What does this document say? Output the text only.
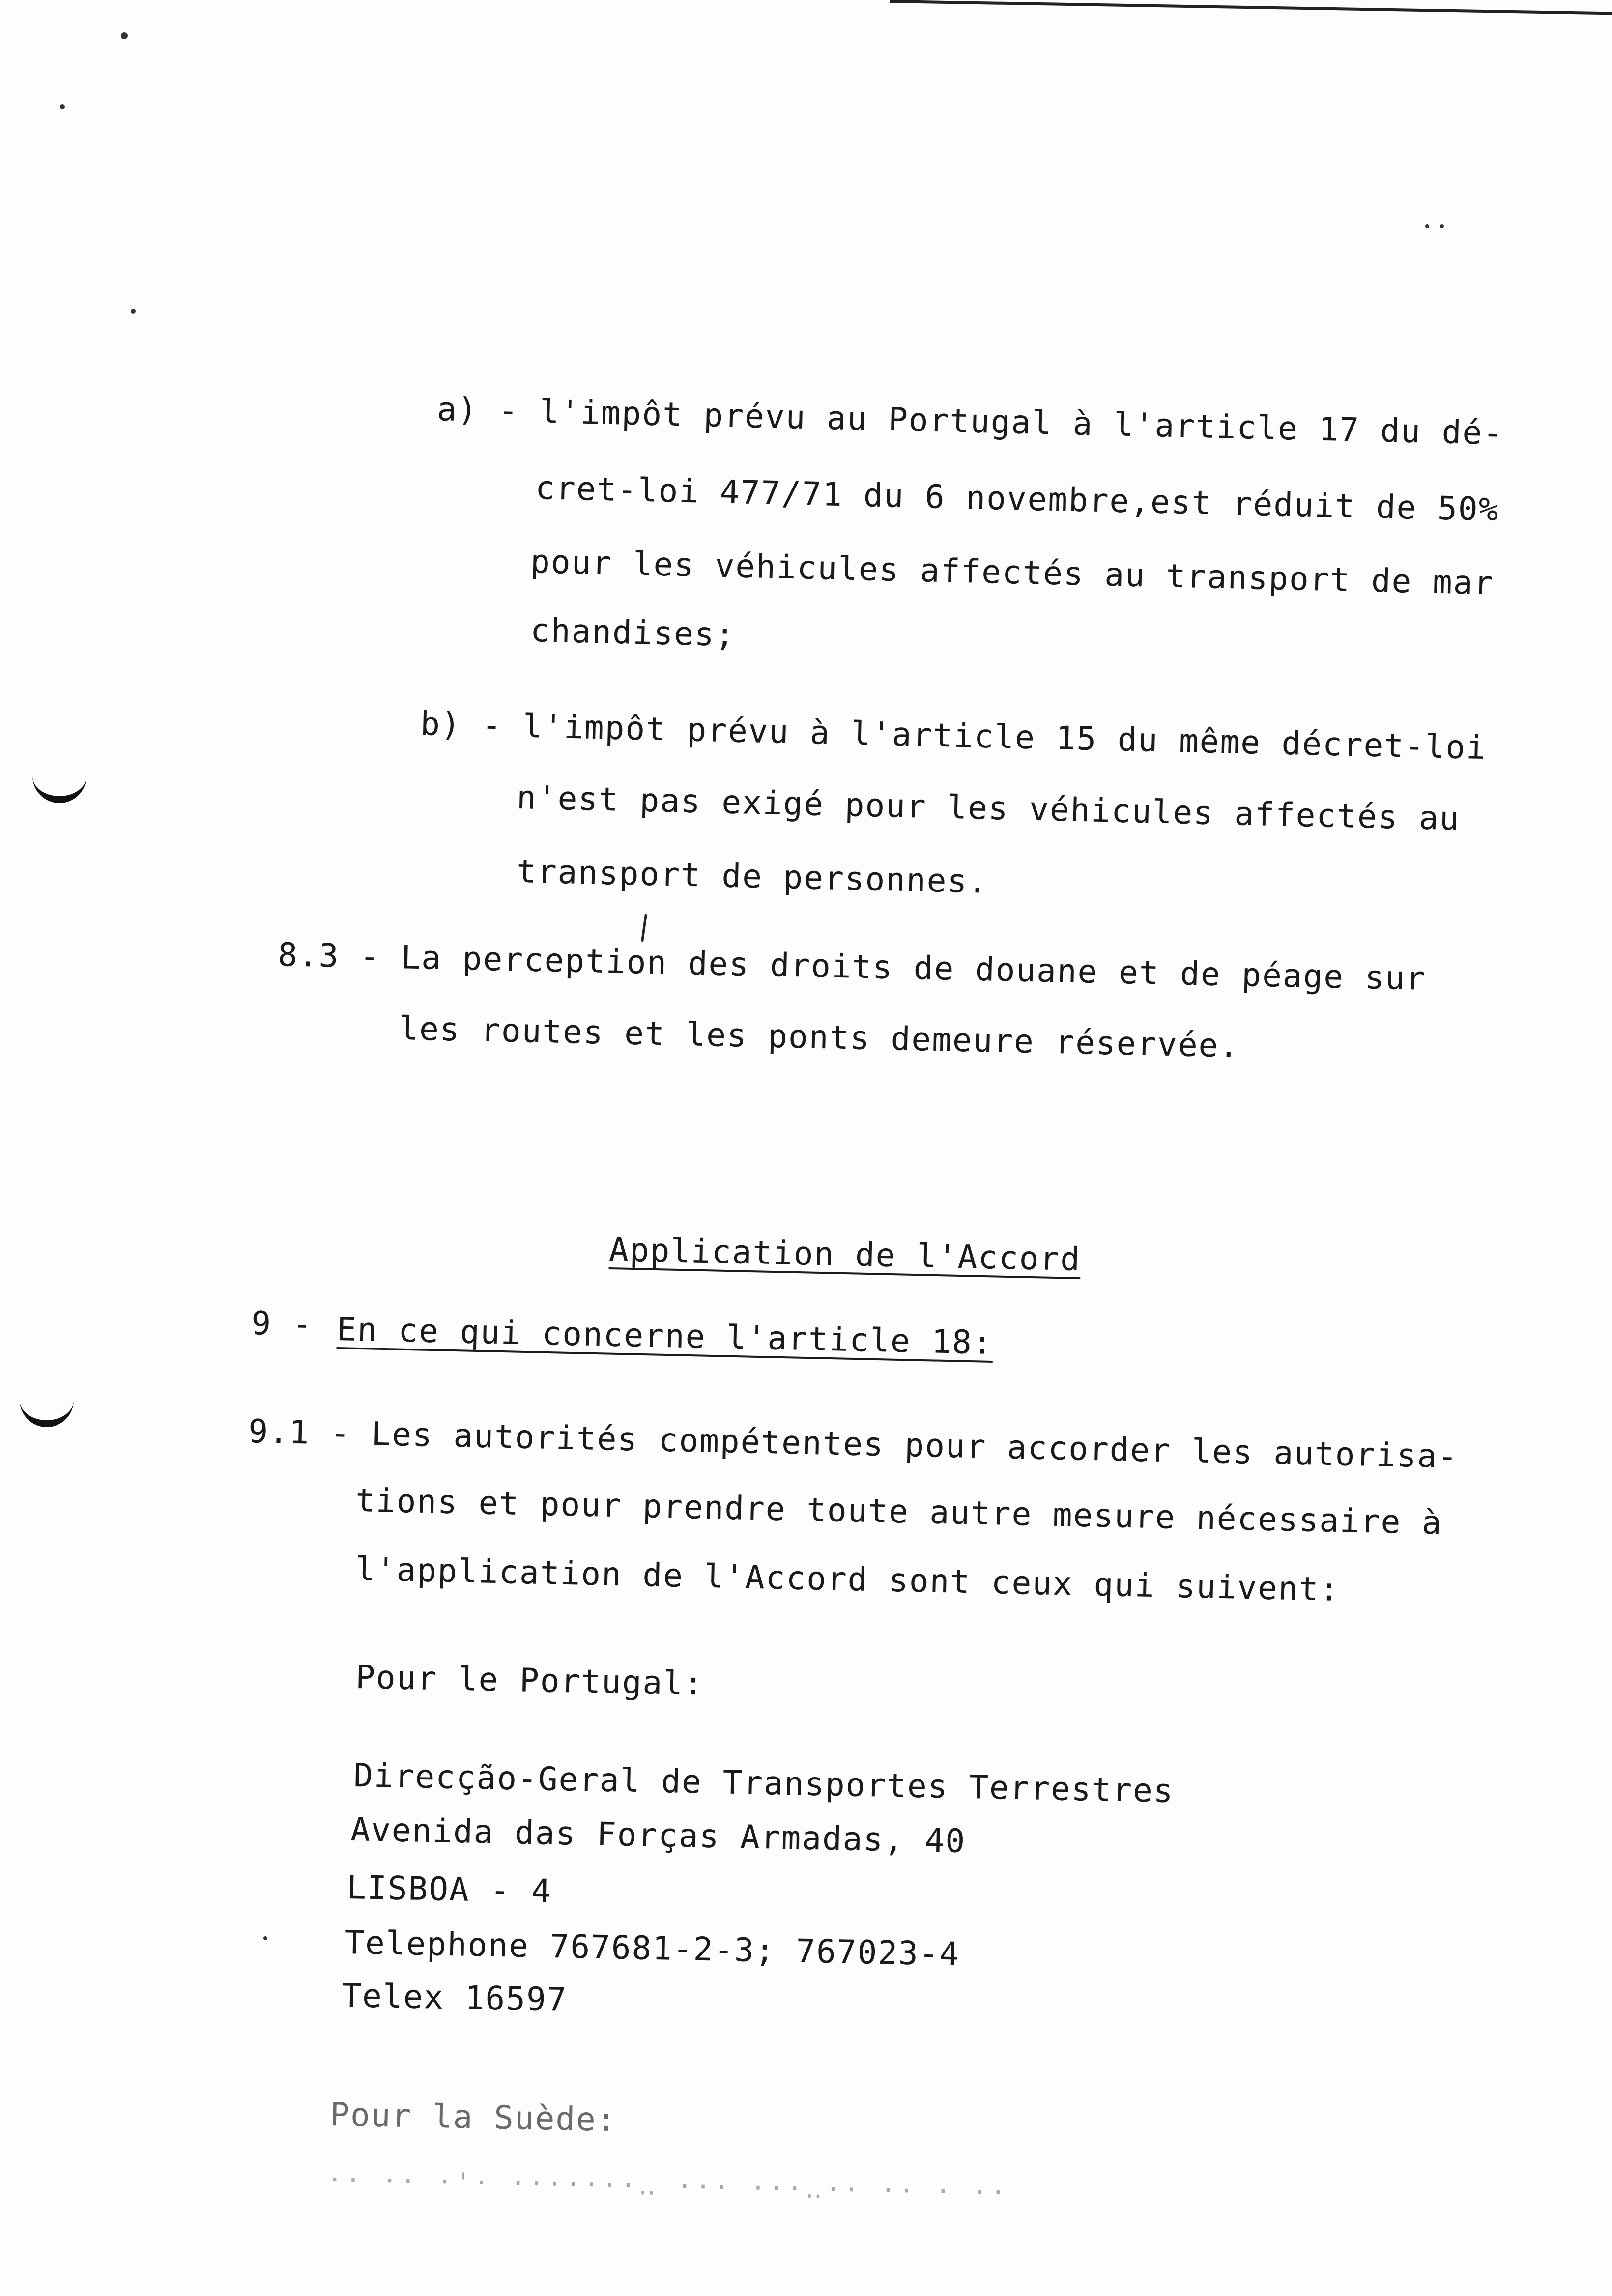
a) - l'impôt prévu au Portugal à l'article 17 du dé-
cret-loi 477/71 du 6 novembre,est réduit de 50%
pour les véhicules affectés au transport de mar
chandises;
b) - l'impôt prévu à l'article 15 du même décret-loi
n'est pas exigé pour les véhicules affectés au
transport de personnes.
8.3 - La perception des droits de douane et de péage sur
les routes et les ponts demeure réservée.
Application de l'Accord
9 - En ce qui concerne l'article 18:
9.1 - Les autorités compétentes pour accorder les autorisa-
tions et pour prendre toute autre mesure nécessaire à
l'application de l'Accord sont ceux qui suivent:
Pour le Portugal:
Direcção-Geral de Transportes Terrestres
Avenida das Forças Armadas, 40
LISBOA - 4
Telephone 767681-2-3; 767023-4
Telex 16597
Pour la Suède:
·· ·· ·'· ·······‥ ··· ···‥·· ·· · ··
